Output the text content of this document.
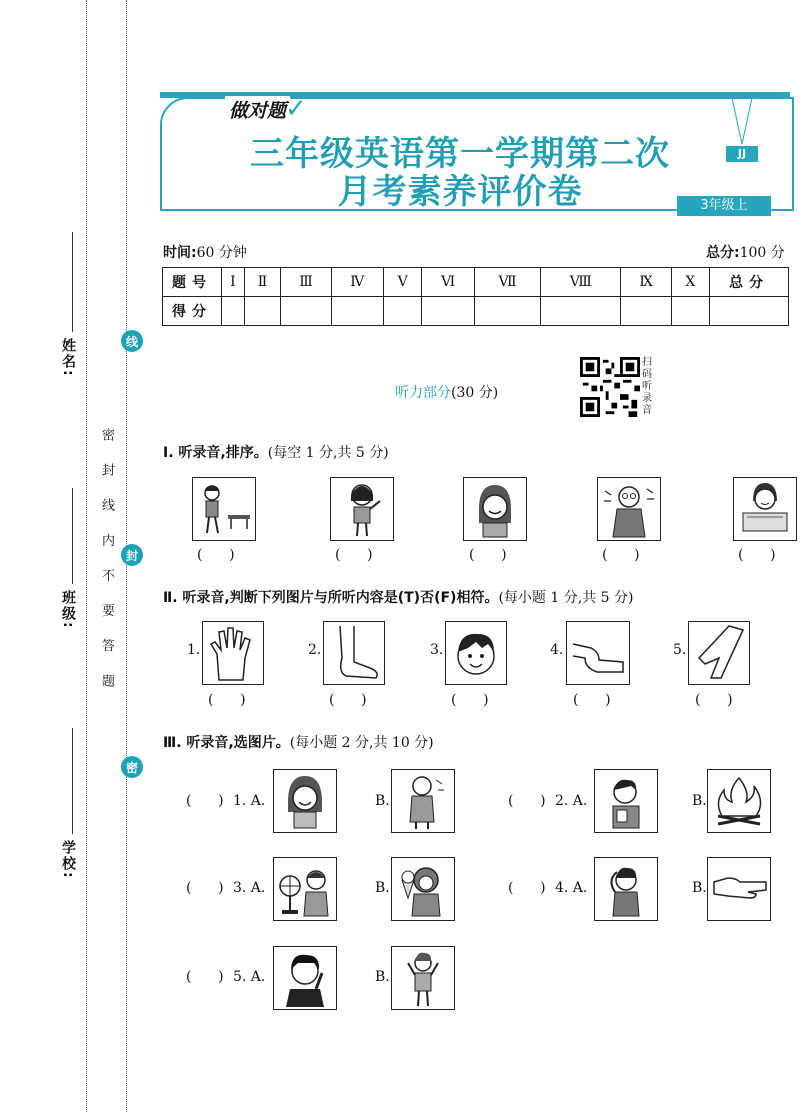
姓名:
班级:
学校:
密 封 线 内 不 要 答 题
线
封
密
做对题
✓
三年级英语第一学期第二次
月考素养评价卷
JJ
3年级上
时间:60 分钟	总分:100 分
题号	Ⅰ	Ⅱ	Ⅲ	Ⅳ	Ⅴ	Ⅵ	Ⅶ	Ⅷ	Ⅸ	Ⅹ	总分
得分											
听力部分(30 分)
扫码听录音
Ⅰ. 听录音,排序。(每空 1 分,共 5 分)
(      )	(      )	(      )	(      )	(      )
Ⅱ. 听录音,判断下列图片与所听内容是(T)否(F)相符。(每小题 1 分,共 5 分)
1.	2.	3.	4.	5.
(      )	(      )	(      )	(      )	(      )
Ⅲ. 听录音,选图片。(每小题 2 分,共 10 分)
(      ) 1. A.	B.	(      ) 2. A.	B.
(      ) 3. A.	B.	(      ) 4. A.	B.
(      ) 5. A.	B.
